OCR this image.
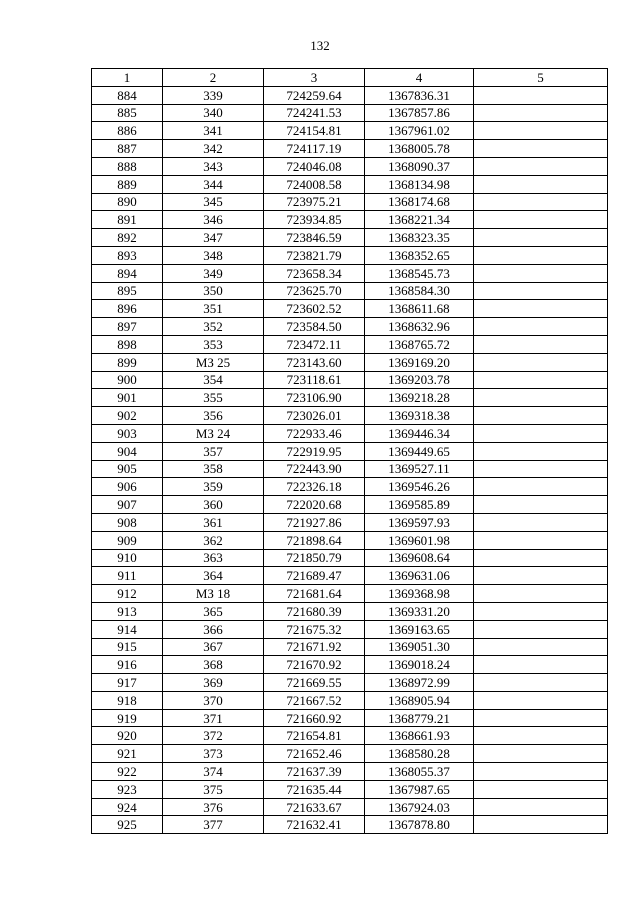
132
1	2	3	4	5
884	339	724259.64	1367836.31	
885	340	724241.53	1367857.86	
886	341	724154.81	1367961.02	
887	342	724117.19	1368005.78	
888	343	724046.08	1368090.37	
889	344	724008.58	1368134.98	
890	345	723975.21	1368174.68	
891	346	723934.85	1368221.34	
892	347	723846.59	1368323.35	
893	348	723821.79	1368352.65	
894	349	723658.34	1368545.73	
895	350	723625.70	1368584.30	
896	351	723602.52	1368611.68	
897	352	723584.50	1368632.96	
898	353	723472.11	1368765.72	
899	МЗ 25	723143.60	1369169.20	
900	354	723118.61	1369203.78	
901	355	723106.90	1369218.28	
902	356	723026.01	1369318.38	
903	МЗ 24	722933.46	1369446.34	
904	357	722919.95	1369449.65	
905	358	722443.90	1369527.11	
906	359	722326.18	1369546.26	
907	360	722020.68	1369585.89	
908	361	721927.86	1369597.93	
909	362	721898.64	1369601.98	
910	363	721850.79	1369608.64	
911	364	721689.47	1369631.06	
912	МЗ 18	721681.64	1369368.98	
913	365	721680.39	1369331.20	
914	366	721675.32	1369163.65	
915	367	721671.92	1369051.30	
916	368	721670.92	1369018.24	
917	369	721669.55	1368972.99	
918	370	721667.52	1368905.94	
919	371	721660.92	1368779.21	
920	372	721654.81	1368661.93	
921	373	721652.46	1368580.28	
922	374	721637.39	1368055.37	
923	375	721635.44	1367987.65	
924	376	721633.67	1367924.03	
925	377	721632.41	1367878.80	
